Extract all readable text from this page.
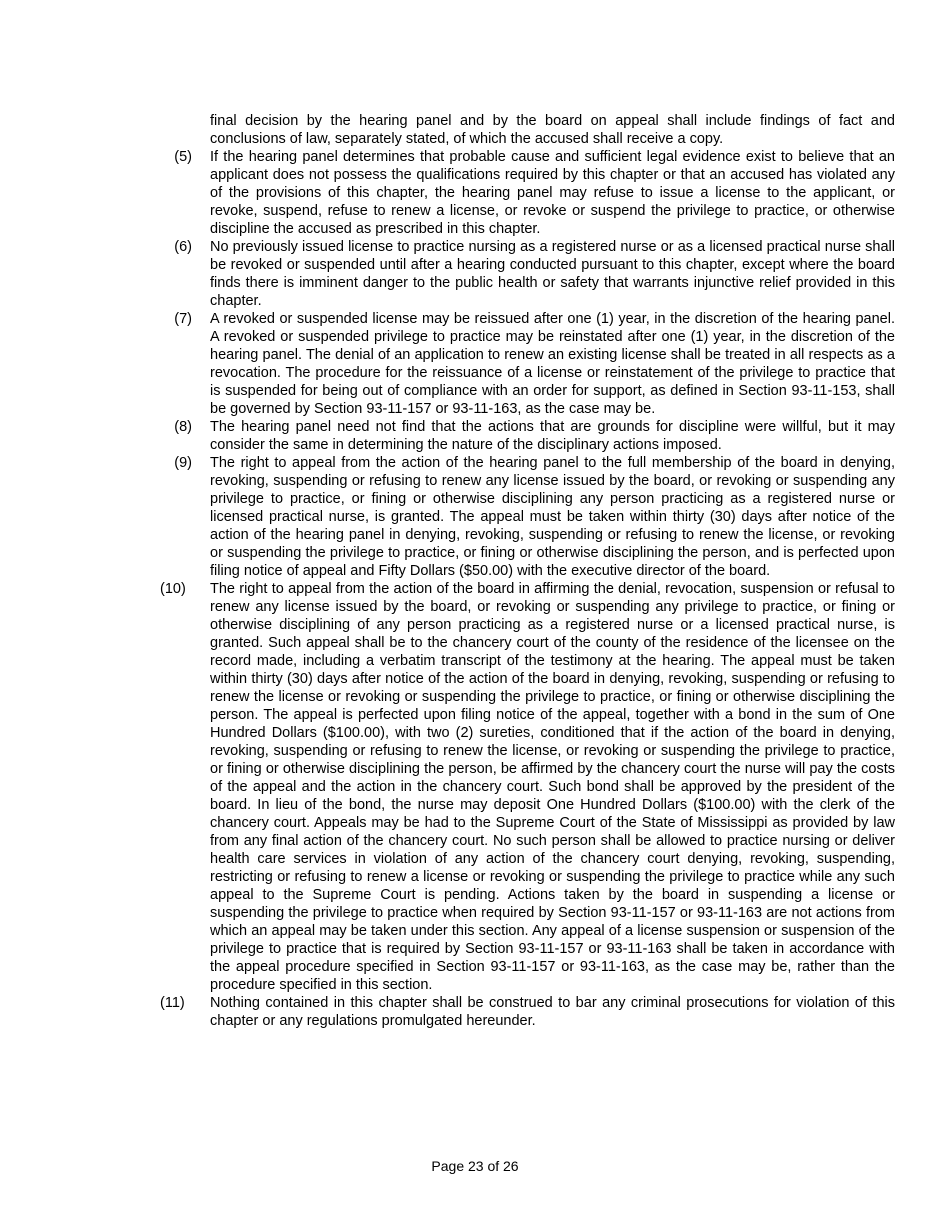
final decision by the hearing panel and by the board on appeal shall include findings of fact and conclusions of law, separately stated, of which the accused shall receive a copy.
(5)	If the hearing panel determines that probable cause and sufficient legal evidence exist to believe that an applicant does not possess the qualifications required by this chapter or that an accused has violated any of the provisions of this chapter, the hearing panel may refuse to issue a license to the applicant, or revoke, suspend, refuse to renew a license, or revoke or suspend the privilege to practice, or otherwise discipline the accused as prescribed in this chapter.
(6)	No previously issued license to practice nursing as a registered nurse or as a licensed practical nurse shall be revoked or suspended until after a hearing conducted pursuant to this chapter, except where the board finds there is imminent danger to the public health or safety that warrants injunctive relief provided in this chapter.
(7)	A revoked or suspended license may be reissued after one (1) year, in the discretion of the hearing panel. A revoked or suspended privilege to practice may be reinstated after one (1) year, in the discretion of the hearing panel. The denial of an application to renew an existing license shall be treated in all respects as a revocation. The procedure for the reissuance of a license or reinstatement of the privilege to practice that is suspended for being out of compliance with an order for support, as defined in Section 93-11-153, shall be governed by Section 93-11-157 or 93-11-163, as the case may be.
(8)	The hearing panel need not find that the actions that are grounds for discipline were willful, but it may consider the same in determining the nature of the disciplinary actions imposed.
(9)	The right to appeal from the action of the hearing panel to the full membership of the board in denying, revoking, suspending or refusing to renew any license issued by the board, or revoking or suspending any privilege to practice, or fining or otherwise disciplining any person practicing as a registered nurse or licensed practical nurse, is granted. The appeal must be taken within thirty (30) days after notice of the action of the hearing panel in denying, revoking, suspending or refusing to renew the license, or revoking or suspending the privilege to practice, or fining or otherwise disciplining the person, and is perfected upon filing notice of appeal and Fifty Dollars ($50.00) with the executive director of the board.
(10)	The right to appeal from the action of the board in affirming the denial, revocation, suspension or refusal to renew any license issued by the board, or revoking or suspending any privilege to practice, or fining or otherwise disciplining of any person practicing as a registered nurse or a licensed practical nurse, is granted. Such appeal shall be to the chancery court of the county of the residence of the licensee on the record made, including a verbatim transcript of the testimony at the hearing. The appeal must be taken within thirty (30) days after notice of the action of the board in denying, revoking, suspending or refusing to renew the license or revoking or suspending the privilege to practice, or fining or otherwise disciplining the person. The appeal is perfected upon filing notice of the appeal, together with a bond in the sum of One Hundred Dollars ($100.00), with two (2) sureties, conditioned that if the action of the board in denying, revoking, suspending or refusing to renew the license, or revoking or suspending the privilege to practice, or fining or otherwise disciplining the person, be affirmed by the chancery court the nurse will pay the costs of the appeal and the action in the chancery court. Such bond shall be approved by the president of the board. In lieu of the bond, the nurse may deposit One Hundred Dollars ($100.00) with the clerk of the chancery court. Appeals may be had to the Supreme Court of the State of Mississippi as provided by law from any final action of the chancery court. No such person shall be allowed to practice nursing or deliver health care services in violation of any action of the chancery court denying, revoking, suspending, restricting or refusing to renew a license or revoking or suspending the privilege to practice while any such appeal to the Supreme Court is pending. Actions taken by the board in suspending a license or suspending the privilege to practice when required by Section 93-11-157 or 93-11-163 are not actions from which an appeal may be taken under this section. Any appeal of a license suspension or suspension of the privilege to practice that is required by Section 93-11-157 or 93-11-163 shall be taken in accordance with the appeal procedure specified in Section 93-11-157 or 93-11-163, as the case may be, rather than the procedure specified in this section.
(11)	Nothing contained in this chapter shall be construed to bar any criminal prosecutions for violation of this chapter or any regulations promulgated hereunder.
Page 23 of 26
